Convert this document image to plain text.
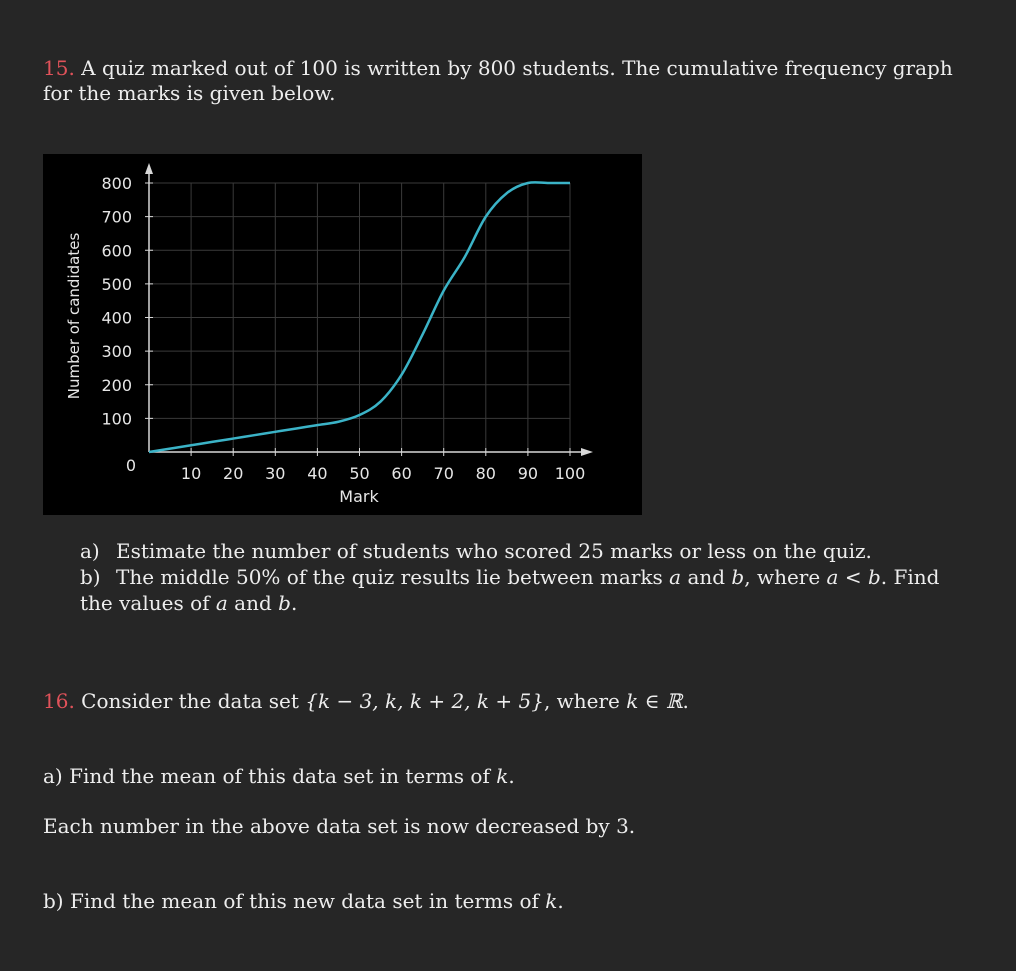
15. A quiz marked out of 100 is written by 800 students. The cumulative frequency graph for the marks is given below.
10 20 30 40 50 60 70 80 90 100
100
200
300
400
500
600
700
800
Number of candidates
Mark
0
a) Estimate the number of students who scored 25 marks or less on the quiz.
b) The middle 50% of the quiz results lie between marks a and b, where a < b. Find the values of a and b.
16. Consider the data set {k − 3, k, k + 2, k + 5}, where k ∈ ℝ.
a) Find the mean of this data set in terms of k.
Each number in the above data set is now decreased by 3.
b) Find the mean of this new data set in terms of k.
